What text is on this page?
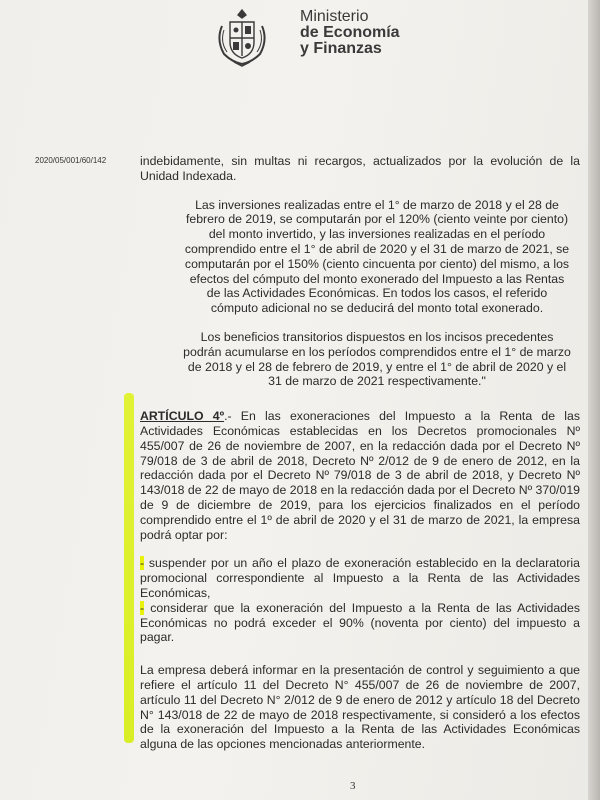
Ministerio
de Economía
y Finanzas
2020/05/001/60/142	indebidamente, sin multas ni recargos, actualizados por la evolución de la Unidad Indexada.

Las inversiones realizadas entre el 1° de marzo de 2018 y el 28 de febrero de 2019, se computarán por el 120% (ciento veinte por ciento) del monto invertido, y las inversiones realizadas en el período comprendido entre el 1° de abril de 2020 y el 31 de marzo de 2021, se computarán por el 150% (ciento cincuenta por ciento) del mismo, a los efectos del cómputo del monto exonerado del Impuesto a las Rentas de las Actividades Económicas. En todos los casos, el referido cómputo adicional no se deducirá del monto total exonerado.

Los beneficios transitorios dispuestos en los incisos precedentes podrán acumularse en los períodos comprendidos entre el 1° de marzo de 2018 y el 28 de febrero de 2019, y entre el 1° de abril de 2020 y el 31 de marzo de 2021 respectivamente."

ARTÍCULO 4º.- En las exoneraciones del Impuesto a la Renta de las Actividades Económicas establecidas en los Decretos promocionales Nº 455/007 de 26 de noviembre de 2007, en la redacción dada por el Decreto Nº 79/018 de 3 de abril de 2018, Decreto Nº 2/012 de 9 de enero de 2012, en la redacción dada por el Decreto Nº 79/018 de 3 de abril de 2018, y Decreto Nº 143/018 de 22 de mayo de 2018 en la redacción dada por el Decreto Nº 370/019 de 9 de diciembre de 2019, para los ejercicios finalizados en el período comprendido entre el 1º de abril de 2020 y el 31 de marzo de 2021, la empresa podrá optar por:

- suspender por un año el plazo de exoneración establecido en la declaratoria promocional correspondiente al Impuesto a la Renta de las Actividades Económicas,
- considerar que la exoneración del Impuesto a la Renta de las Actividades Económicas no podrá exceder el 90% (noventa por ciento) del impuesto a pagar.

La empresa deberá informar en la presentación de control y seguimiento a que refiere el artículo 11 del Decreto N° 455/007 de 26 de noviembre de 2007, artículo 11 del Decreto N° 2/012 de 9 de enero de 2012 y artículo 18 del Decreto N° 143/018 de 22 de mayo de 2018 respectivamente, si consideró a los efectos de la exoneración del Impuesto a la Renta de las Actividades Económicas alguna de las opciones mencionadas anteriormente.

3
